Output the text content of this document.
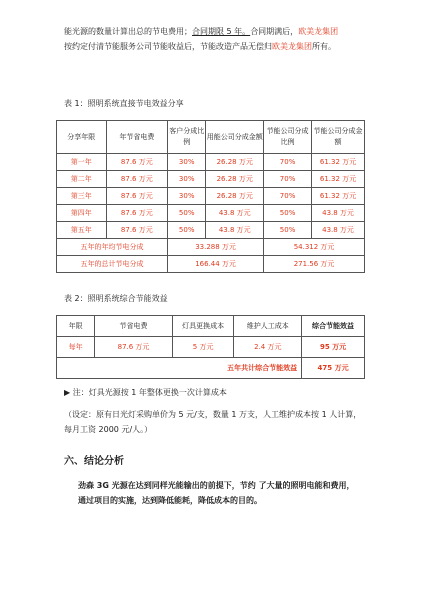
能光源的数量计算出总的节电费用；合同期限 5 年。合同期满后，欧美龙集团
按约定付清节能服务公司节能收益后，节能改造产品无偿归欧美龙集团所有。
表 1：照明系统直接节电效益分享
分享年限	年节省电费	客户分成比例	用能公司分成金额	节能公司分成比例	节能公司分成金额
第一年	87.6 万元	30%	26.28 万元	70%	61.32 万元
第二年	87.6 万元	30%	26.28 万元	70%	61.32 万元
第三年	87.6 万元	30%	26.28 万元	70%	61.32 万元
第四年	87.6 万元	50%	43.8 万元	50%	43.8 万元
第五年	87.6 万元	50%	43.8 万元	50%	43.8 万元
五年的年均节电分成		33.288 万元		54.312 万元	
五年的总计节电分成		166.44 万元		271.56 万元	
表 2：照明系统综合节能效益
年限	节省电费	灯具更换成本	维护人工成本	综合节能效益
每年	87.6 万元	5 万元	2.4 万元	95 万元
五年共计综合节能效益				475 万元
▶ 注：灯具光源按 1 年整体更换一次计算成本
（设定：原有日光灯采购单价为 5 元/支，数量 1 万支，人工维护成本按 1 人计算，每月工资 2000 元/人。）
六、结论分析
劲森 3G 光源在达到同样光能输出的前提下，节约 了大量的照明电能和费用，通过项目的实施，达到降低能耗，降低成本的目的。
